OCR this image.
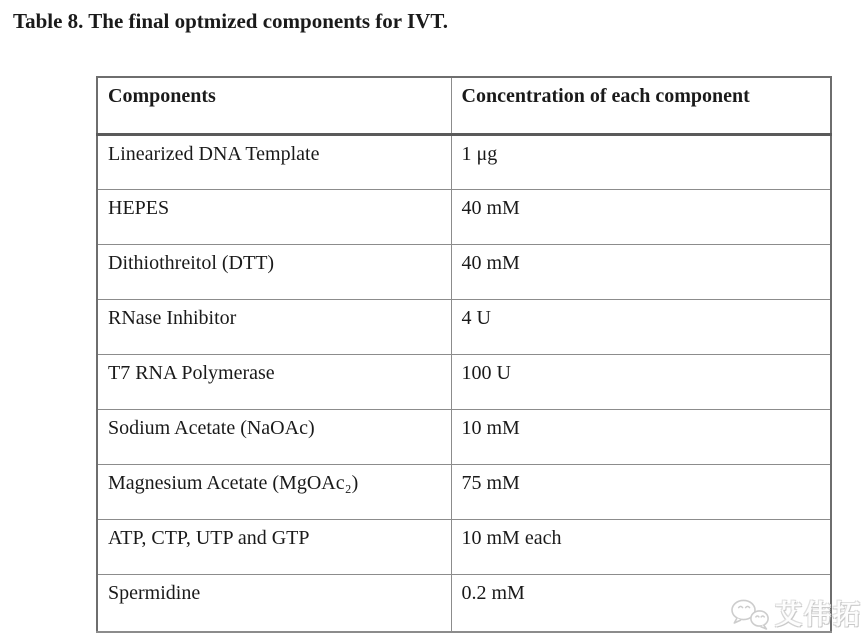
Table 8. The final optmized components for IVT.
Components	Concentration of each component
Linearized DNA Template	1 μg
HEPES	40 mM
Dithiothreitol (DTT)	40 mM
RNase Inhibitor	4 U
T7 RNA Polymerase	100 U
Sodium Acetate (NaOAc)	10 mM
Magnesium Acetate (MgOAc₂)	75 mM
ATP, CTP, UTP and GTP	10 mM each
Spermidine	0.2 mM
艾伟拓
